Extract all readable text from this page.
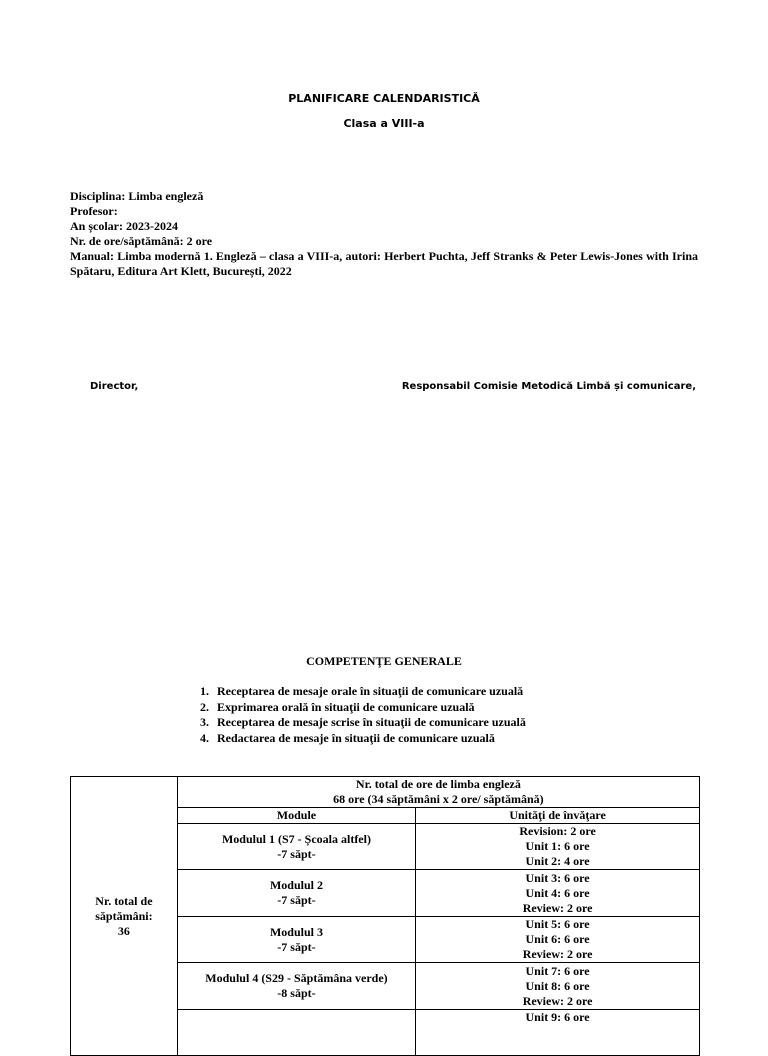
PLANIFICARE CALENDARISTICĂ
Clasa a VIII-a
Disciplina: Limba engleză
Profesor:
An școlar: 2023-2024
Nr. de ore/săptămână: 2 ore
Manual: Limba modernă 1. Engleză – clasa a VIII-a, autori: Herbert Puchta, Jeff Stranks & Peter Lewis-Jones with Irina Spătaru, Editura Art Klett, București, 2022
Director,	Responsabil Comisie Metodică Limbă și comunicare,
COMPETENŢE GENERALE
1. Receptarea de mesaje orale în situaţii de comunicare uzuală
2. Exprimarea orală în situaţii de comunicare uzuală
3. Receptarea de mesaje scrise în situaţii de comunicare uzuală
4. Redactarea de mesaje în situaţii de comunicare uzuală
Nr. total de
săptămâni:
36	Nr. total de ore de limba engleză
68 ore (34 săptămâni x 2 ore/ săptămână)	
	Module	Unităţi de învăţare
	Modulul 1 (S7 - Școala altfel)
-7 săpt-	Revision: 2 ore
Unit 1: 6 ore
Unit 2: 4 ore
	Modulul 2
-7 săpt-	Unit 3: 6 ore
Unit 4: 6 ore
Review: 2 ore
	Modulul 3
-7 săpt-	Unit 5: 6 ore
Unit 6: 6 ore
Review: 2 ore
	Modulul 4 (S29 - Săptămâna verde)
-8 săpt-	Unit 7: 6 ore
Unit 8: 6 ore
Review: 2 ore

		Unit 9: 6 ore
